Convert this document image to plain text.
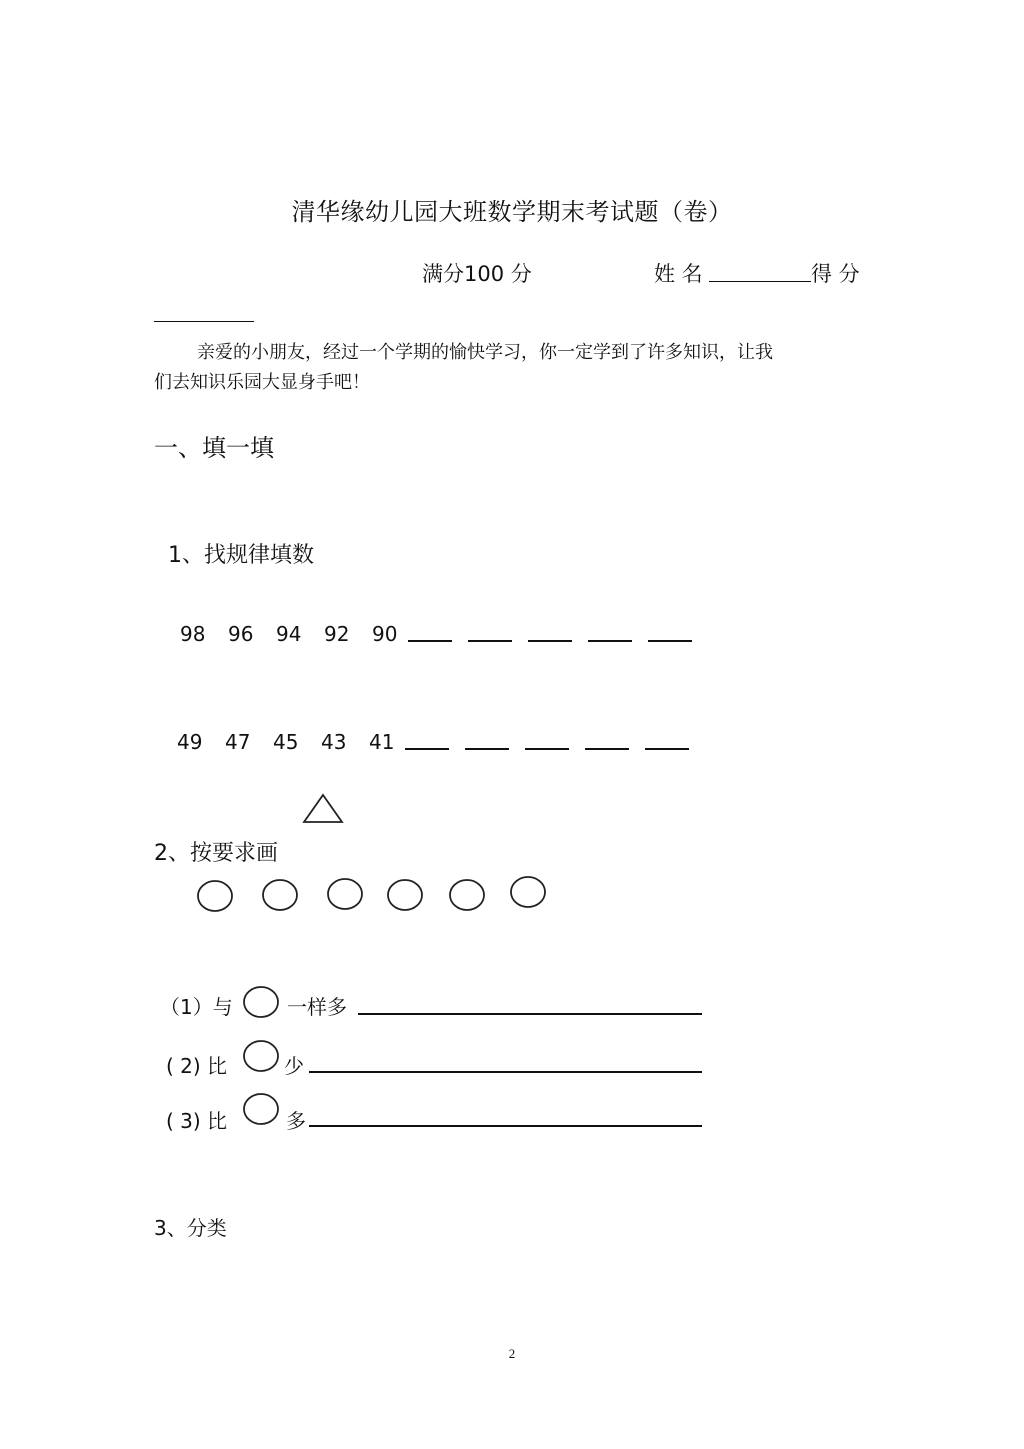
清华缘幼儿园大班数学期末考试题（卷）
满分100 分	姓 名	得 分
亲爱的小朋友，经过一个学期的愉快学习，你一定学到了许多知识，让我
们去知识乐园大显身手吧！
一、填一填
1、找规律填数
98	96	94	92	90
49	47	45	43	41
2、按要求画
（1）与	一样多
( 2) 比	少
( 3) 比	多
3、分类
2
